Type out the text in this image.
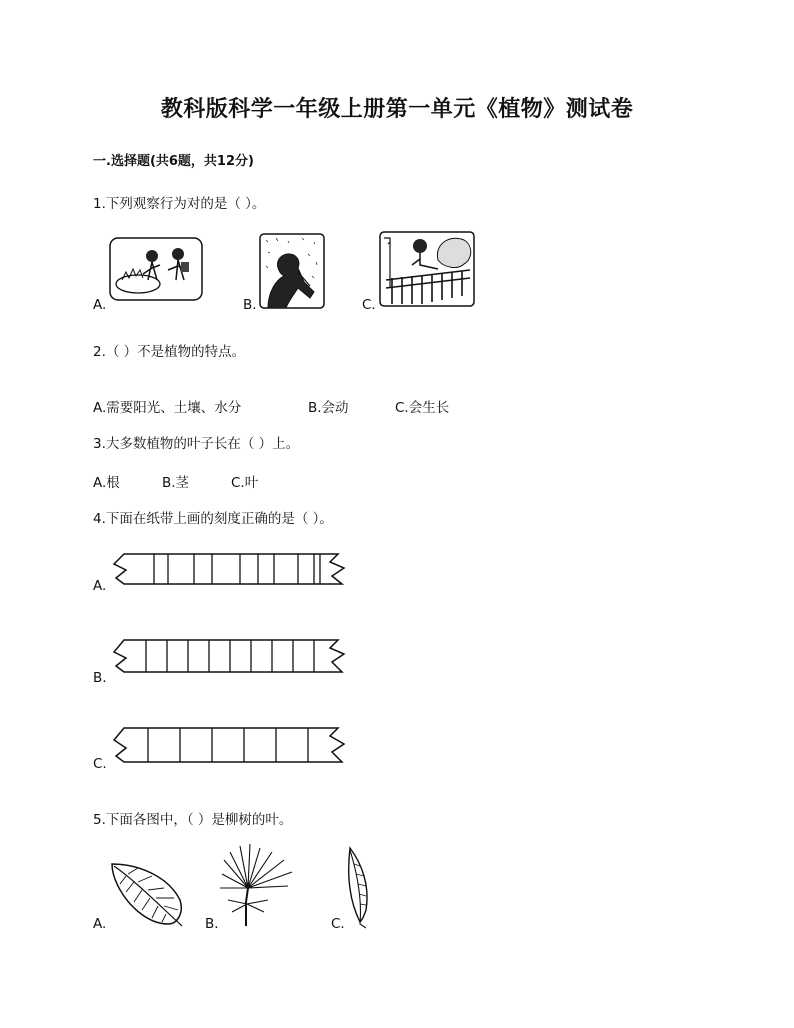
教科版科学一年级上册第一单元《植物》测试卷
一.选择题(共6题，共12分)
1.下列观察行为对的是（ ）。
A.	B.	C.
2.（ ）不是植物的特点。
A.需要阳光、土壤、水分	B.会动	C.会生长
3.大多数植物的叶子长在（ ）上。
A.根	B.茎	C.叶
4.下面在纸带上画的刻度正确的是（ ）。
A.
B.
C.
5.下面各图中，（ ）是柳树的叶。
A.	B.	C.
